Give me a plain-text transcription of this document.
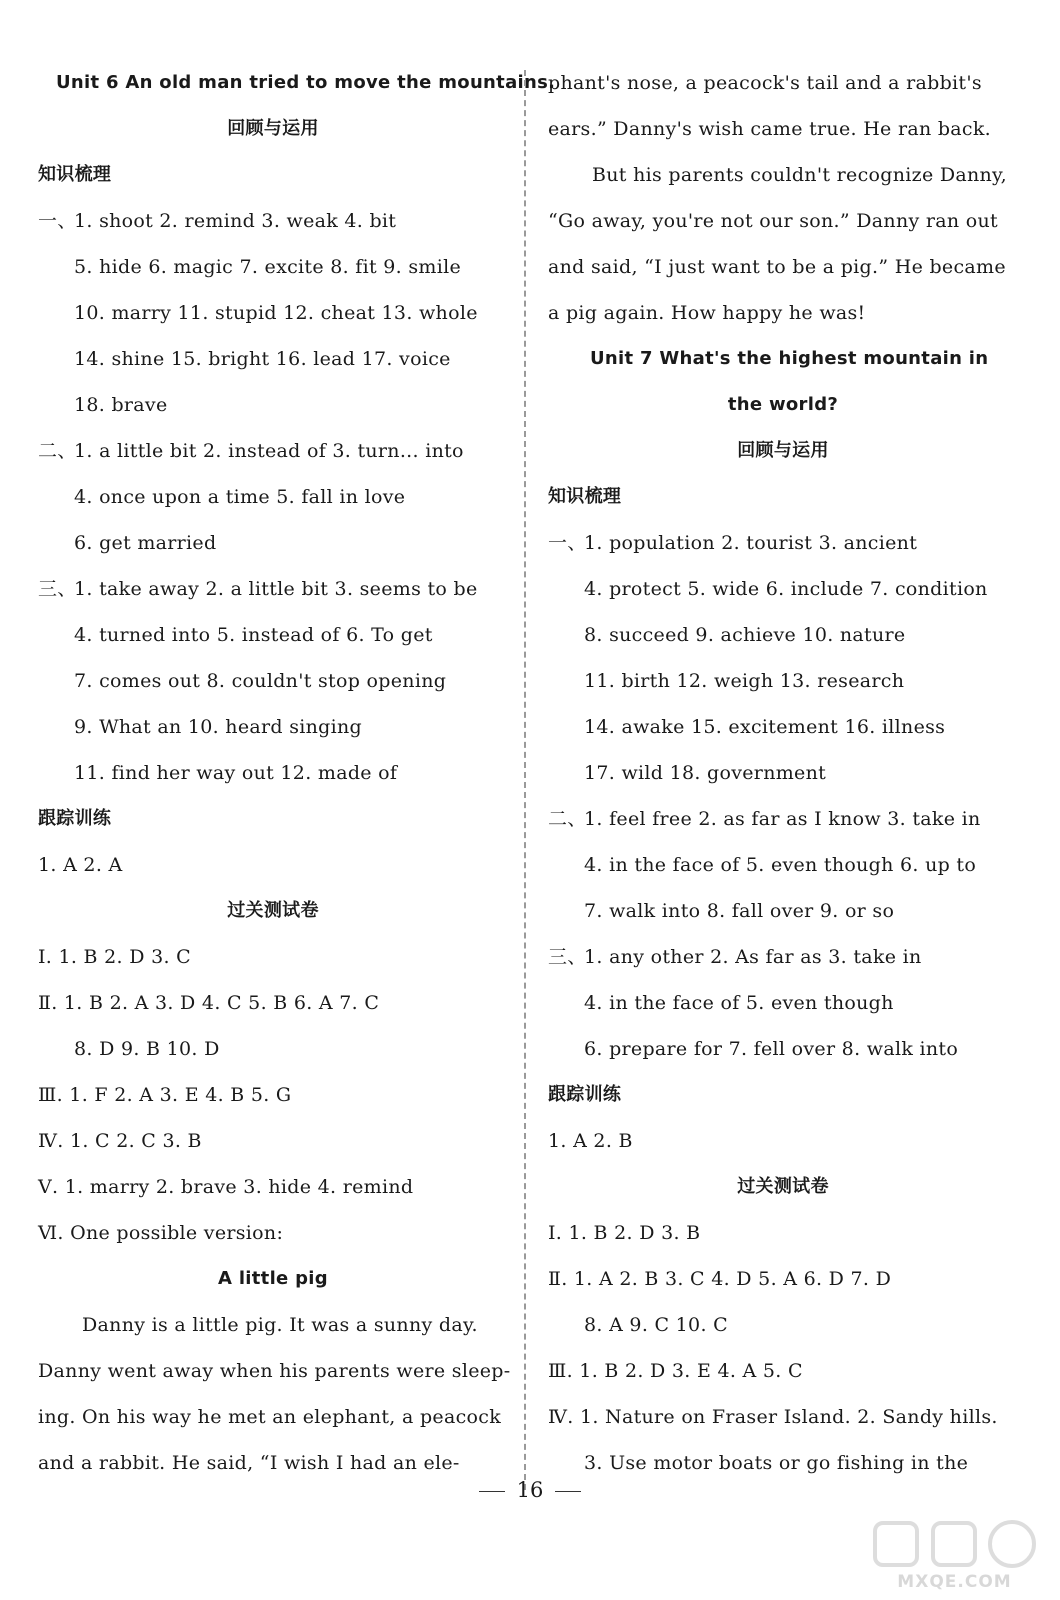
Unit 6 An old man tried to move the mountains.
回顾与运用
知识梳理
一、
1. shoot 2. remind 3. weak 4. bit
5. hide 6. magic 7. excite 8. fit 9. smile
10. marry 11. stupid 12. cheat 13. whole
14. shine 15. bright 16. lead 17. voice
18. brave
二、
1. a little bit 2. instead of 3. turn... into
4. once upon a time 5. fall in love
6. get married
三、
1. take away 2. a little bit 3. seems to be
4. turned into 5. instead of 6. To get
7. comes out 8. couldn't stop opening
9. What an 10. heard singing
11. find her way out 12. made of
跟踪训练
1. A 2. A
过关测试卷
Ⅰ. 1. B 2. D 3. C
Ⅱ. 1. B 2. A 3. D 4. C 5. B 6. A 7. C
8. D 9. B 10. D
Ⅲ. 1. F 2. A 3. E 4. B 5. G
Ⅳ. 1. C 2. C 3. B
Ⅴ. 1. marry 2. brave 3. hide 4. remind
Ⅵ. One possible version:
A little pig
Danny is a little pig. It was a sunny day.
Danny went away when his parents were sleep-
ing. On his way he met an elephant, a peacock
and a rabbit. He said, “I wish I had an ele-
phant's nose, a peacock's tail and a rabbit's
ears.” Danny's wish came true. He ran back.
But his parents couldn't recognize Danny,
“Go away, you're not our son.” Danny ran out
and said, “I just want to be a pig.” He became
a pig again. How happy he was!
Unit 7 What's the highest mountain in
the world?
回顾与运用
知识梳理
一、
1. population 2. tourist 3. ancient
4. protect 5. wide 6. include 7. condition
8. succeed 9. achieve 10. nature
11. birth 12. weigh 13. research
14. awake 15. excitement 16. illness
17. wild 18. government
二、
1. feel free 2. as far as I know 3. take in
4. in the face of 5. even though 6. up to
7. walk into 8. fall over 9. or so
三、
1. any other 2. As far as 3. take in
4. in the face of 5. even though
6. prepare for 7. fell over 8. walk into
跟踪训练
1. A 2. B
过关测试卷
Ⅰ. 1. B 2. D 3. B
Ⅱ. 1. A 2. B 3. C 4. D 5. A 6. D 7. D
8. A 9. C 10. C
Ⅲ. 1. B 2. D 3. E 4. A 5. C
Ⅳ. 1. Nature on Fraser Island. 2. Sandy hills.
3. Use motor boats or go fishing in the
16
MXQE.COM
